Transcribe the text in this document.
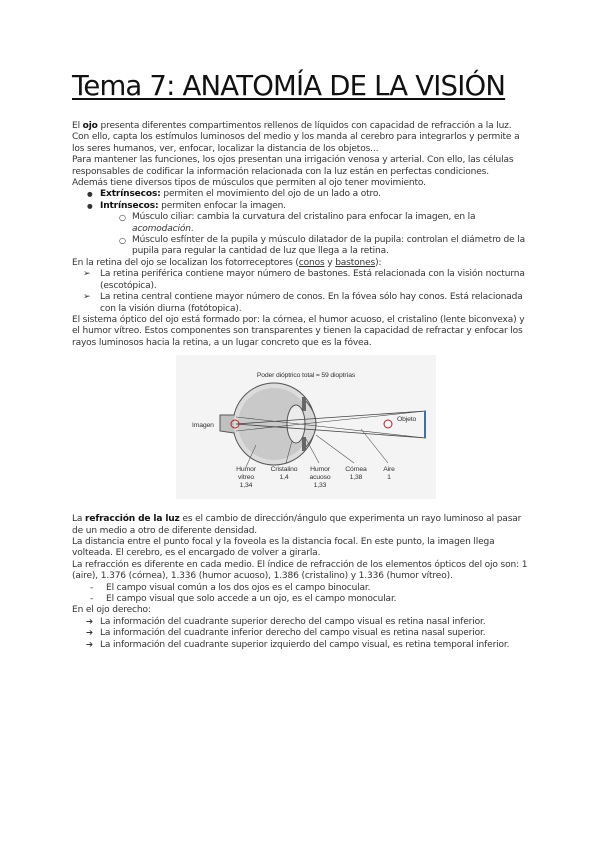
Tema 7: ANATOMÍA DE LA VISIÓN

El ojo presenta diferentes compartimentos rellenos de líquidos con capacidad de refracción a la luz. Con ello, capta los estímulos luminosos del medio y los manda al cerebro para integrarlos y permite a los seres humanos, ver, enfocar, localizar la distancia de los objetos...

Para mantener las funciones, los ojos presentan una irrigación venosa y arterial. Con ello, las células responsables de codificar la información relacionada con la luz están en perfectas condiciones.

Además tiene diversos tipos de músculos que permiten al ojo tener movimiento.

● Extrínsecos: permiten el movimiento del ojo de un lado a otro.
● Intrínsecos: permiten enfocar la imagen.
○ Músculo ciliar: cambia la curvatura del cristalino para enfocar la imagen, en la acomodación.
○ Músculo esfínter de la pupila y músculo dilatador de la pupila: controlan el diámetro de la pupila para regular la cantidad de luz que llega a la retina.

En la retina del ojo se localizan los fotorreceptores (conos y bastones):

➢ La retina periférica contiene mayor número de bastones. Está relacionada con la visión nocturna (escotópica).
➢ La retina central contiene mayor número de conos. En la fóvea sólo hay conos. Está relacionada con la visión diurna (fotótopica).

El sistema óptico del ojo está formado por: la córnea, el humor acuoso, el cristalino (lente biconvexa) y el humor vítreo. Estos componentes son transparentes y tienen la capacidad de refractar y enfocar los rayos luminosos hacia la retina, a un lugar concreto que es la fóvea.

Poder dióptrico total = 59 dioptrías
Imagen
Objeto
Humor
vítreo
1,34
Cristalino
1,4
Humor
acuoso
1,33
Córnea
1,38
Aire
1

La refracción de la luz es el cambio de dirección/ángulo que experimenta un rayo luminoso al pasar de un medio a otro de diferente densidad.

La distancia entre el punto focal y la foveola es la distancia focal. En este punto, la imagen llega volteada. El cerebro, es el encargado de volver a girarla.

La refracción es diferente en cada medio. El índice de refracción de los elementos ópticos del ojo son: 1 (aire), 1.376 (córnea), 1.336 (humor acuoso), 1.386 (cristalino) y 1.336 (humor vítreo).

- El campo visual común a los dos ojos es el campo binocular.
- El campo visual que solo accede a un ojo, es el campo monocular.

En el ojo derecho:

➔ La información del cuadrante superior derecho del campo visual es retina nasal inferior.
➔ La información del cuadrante inferior derecho del campo visual es retina nasal superior.
➔ La información del cuadrante superior izquierdo del campo visual, es retina temporal inferior.
